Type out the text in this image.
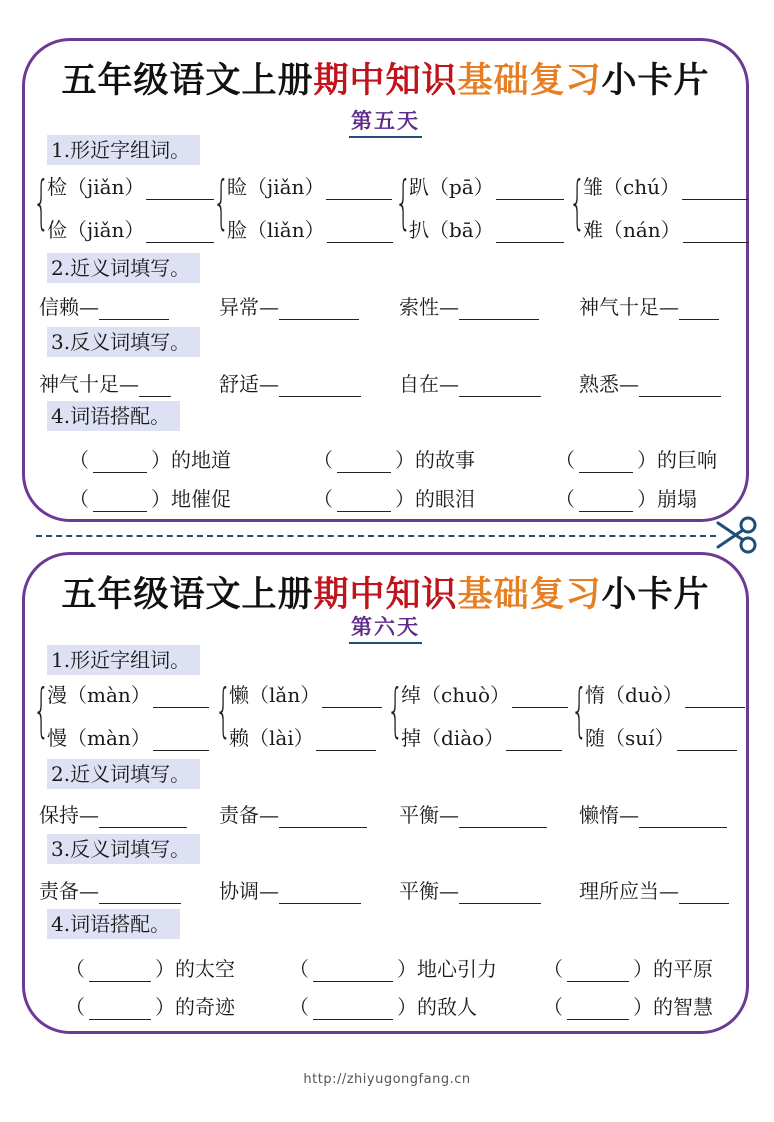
五年级语文上册期中知识基础复习小卡片
第五天
1.形近字组词。
{
检（jiǎn）
俭（jiǎn）	{
睑（jiǎn）
脸（liǎn）	{
趴（pā）
扒（bā）	{
雏（chú）
难（nán）
2.近义词填写。
信赖—	异常—	索性—	神气十足—
3.反义词填写。
神气十足—	舒适—	自在—	熟悉—
4.词语搭配。
（	）的地道	（	）的故事	（	）的巨响
（	）地催促	（	）的眼泪	（	）崩塌
五年级语文上册期中知识基础复习小卡片
第六天
1.形近字组词。
{
漫（màn）
慢（màn）	{
懒（lǎn）
赖（lài）	{
绰（chuò）
掉（diào）	{
惰（duò）
随（suí）
2.近义词填写。
保持—	责备—	平衡—	懒惰—
3.反义词填写。
责备—	协调—	平衡—	理所应当—
4.词语搭配。
（	）的太空	（	）地心引力 （	）的平原
（	）的奇迹	（	）的敌人	（	）的智慧
http://zhiyugongfang.cn
